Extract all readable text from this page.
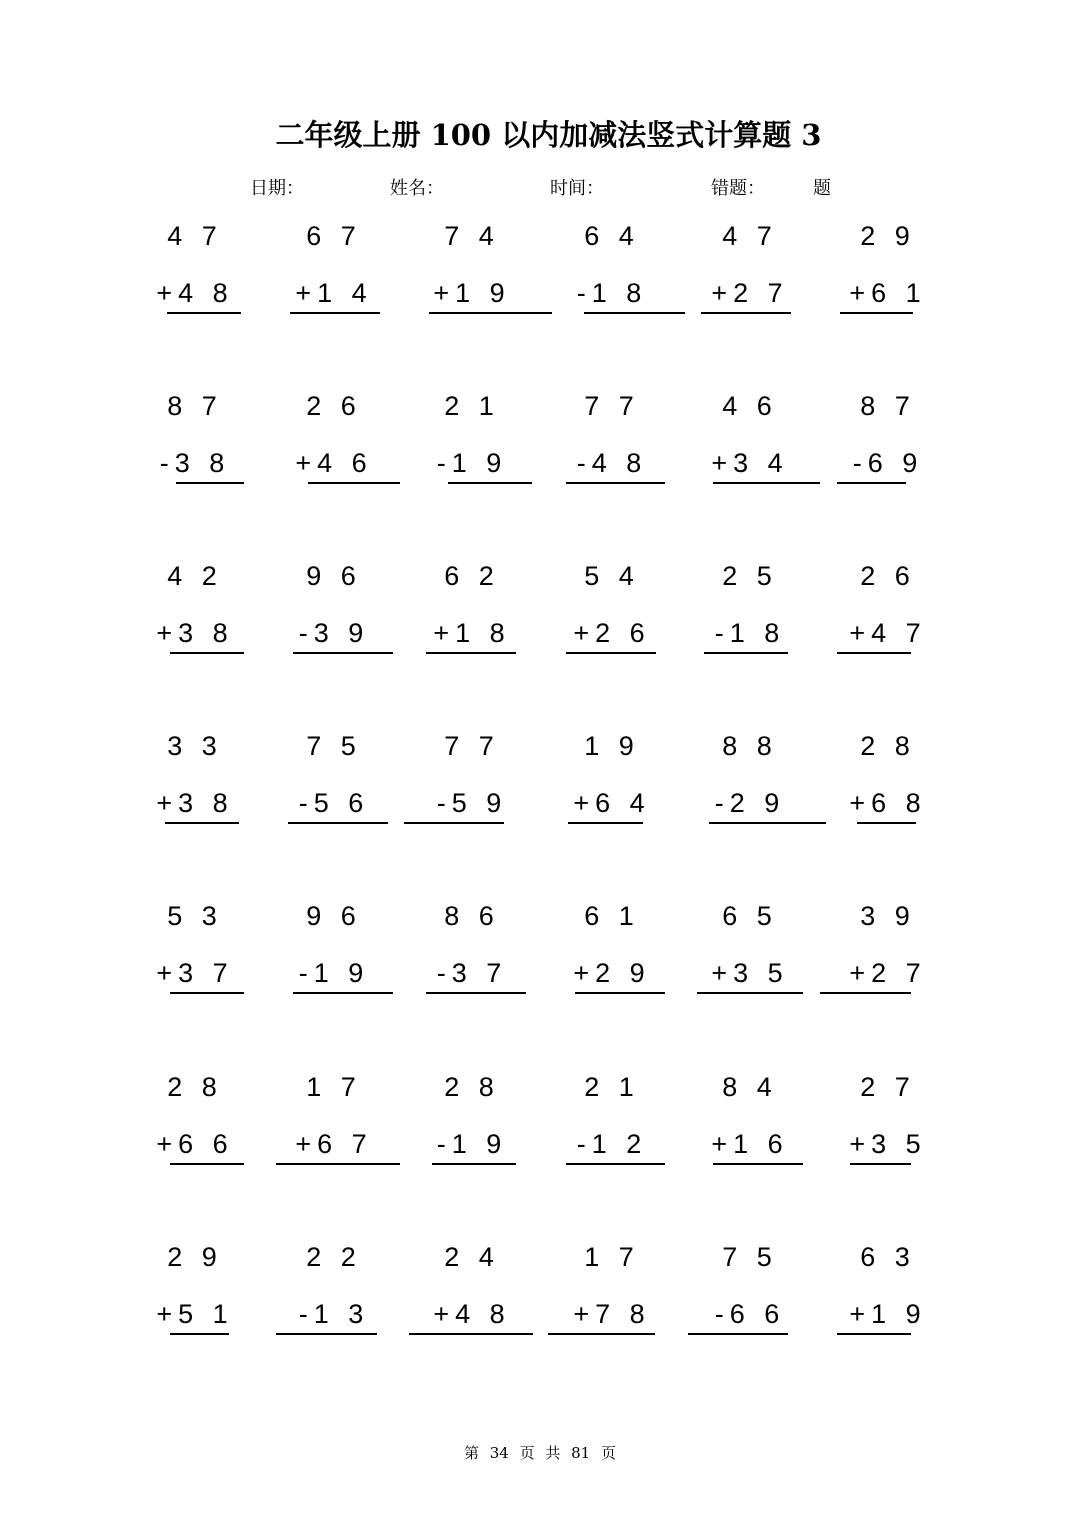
二年级上册 100 以内加减法竖式计算题 3
日期：	姓名：	时间：	错题：	题
4 7
+4 8
6 7
+1 4
7 4
+1 9
6 4
-1 8
4 7
+2 7
2 9
+6 1
8 7
-3 8
2 6
+4 6
2 1
-1 9
7 7
-4 8
4 6
+3 4
8 7
-6 9
4 2
+3 8
9 6
-3 9
6 2
+1 8
5 4
+2 6
2 5
-1 8
2 6
+4 7
3 3
+3 8
7 5
-5 6
7 7
-5 9
1 9
+6 4
8 8
-2 9
2 8
+6 8
5 3
+3 7
9 6
-1 9
8 6
-3 7
6 1
+2 9
6 5
+3 5
3 9
+2 7
2 8
+6 6
1 7
+6 7
2 8
-1 9
2 1
-1 2
8 4
+1 6
2 7
+3 5
2 9
+5 1
2 2
-1 3
2 4
+4 8
1 7
+7 8
7 5
-6 6
6 3
+1 9
第 34 页 共 81 页
